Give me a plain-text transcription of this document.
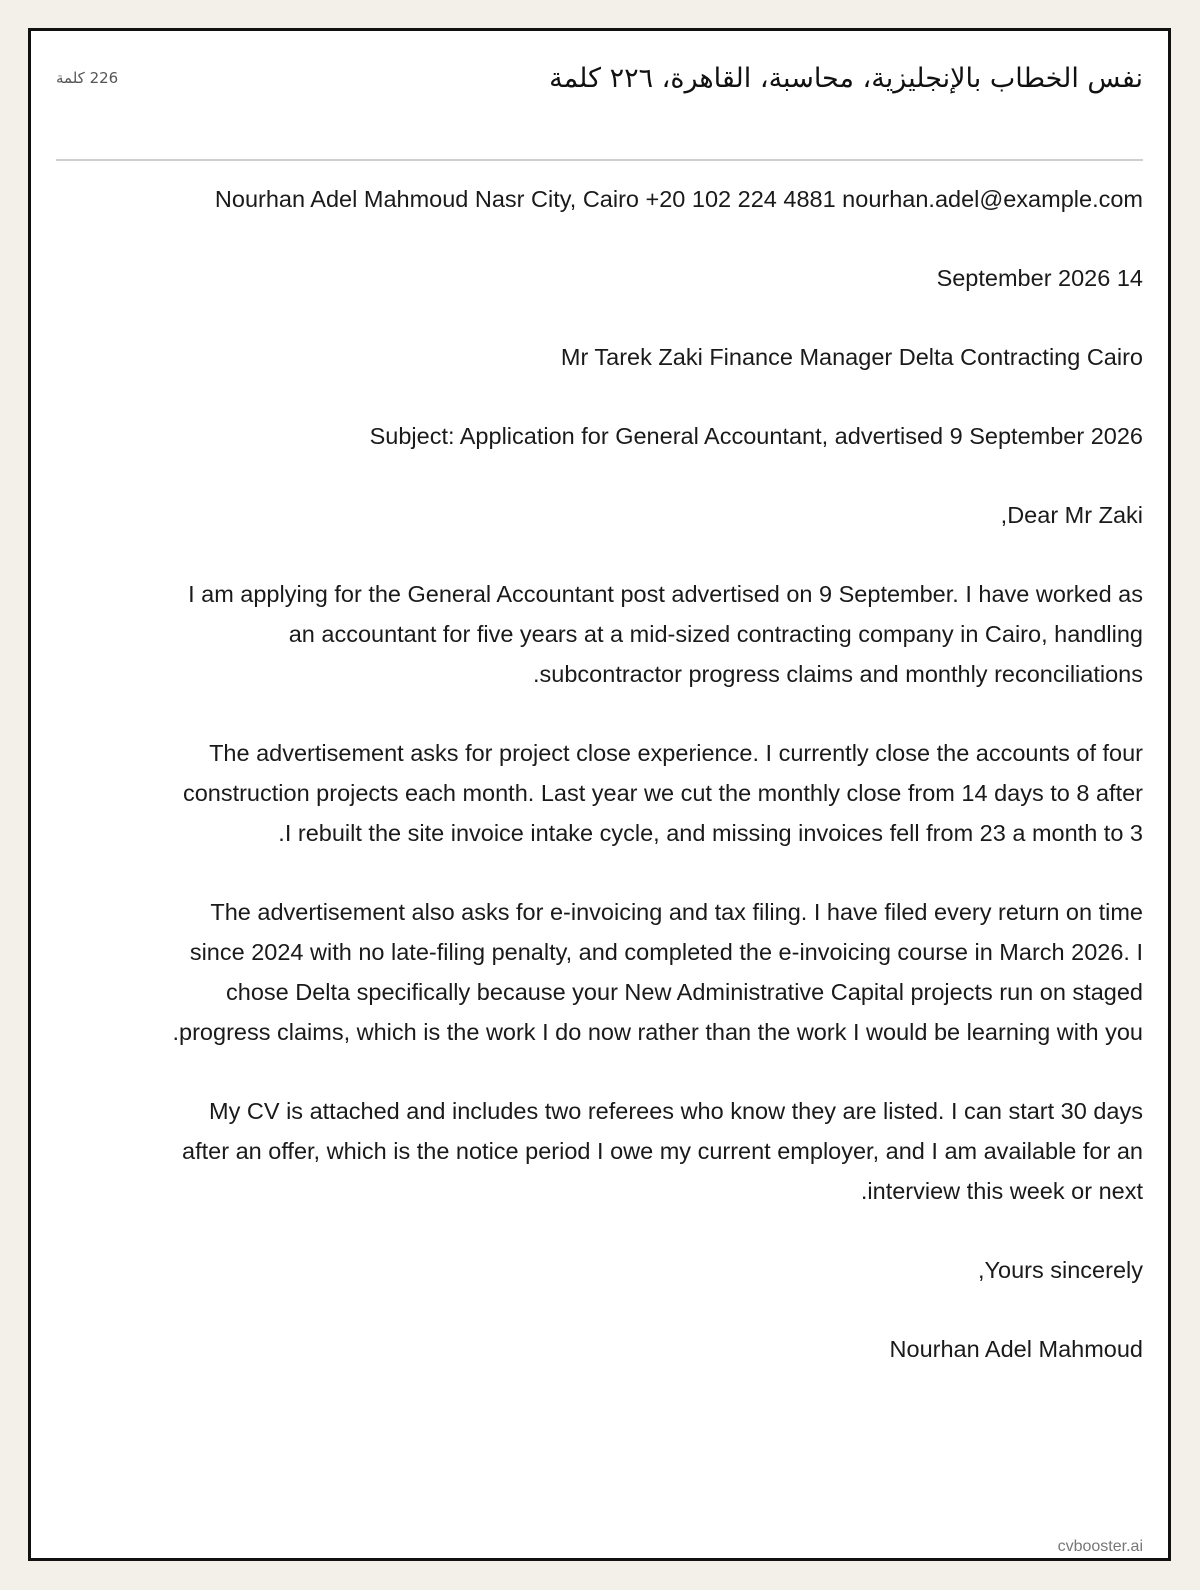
نفس الخطاب بالإنجليزية، محاسبة، القاهرة، ٢٢٦ كلمة
226 كلمة

Nourhan Adel Mahmoud Nasr City, Cairo +20 102 224 4881 nourhan.adel@example.com

14 September 2026

Mr Tarek Zaki Finance Manager Delta Contracting Cairo

Subject: Application for General Accountant, advertised 9 September 2026

Dear Mr Zaki,

I am applying for the General Accountant post advertised on 9 September. I have worked as an accountant for five years at a mid-sized contracting company in Cairo, handling subcontractor progress claims and monthly reconciliations.

The advertisement asks for project close experience. I currently close the accounts of four construction projects each month. Last year we cut the monthly close from 14 days to 8 after I rebuilt the site invoice intake cycle, and missing invoices fell from 23 a month to 3.

The advertisement also asks for e-invoicing and tax filing. I have filed every return on time since 2024 with no late-filing penalty, and completed the e-invoicing course in March 2026. I chose Delta specifically because your New Administrative Capital projects run on staged progress claims, which is the work I do now rather than the work I would be learning with you.

My CV is attached and includes two referees who know they are listed. I can start 30 days after an offer, which is the notice period I owe my current employer, and I am available for an interview this week or next.

Yours sincerely,

Nourhan Adel Mahmoud

cvbooster.ai
